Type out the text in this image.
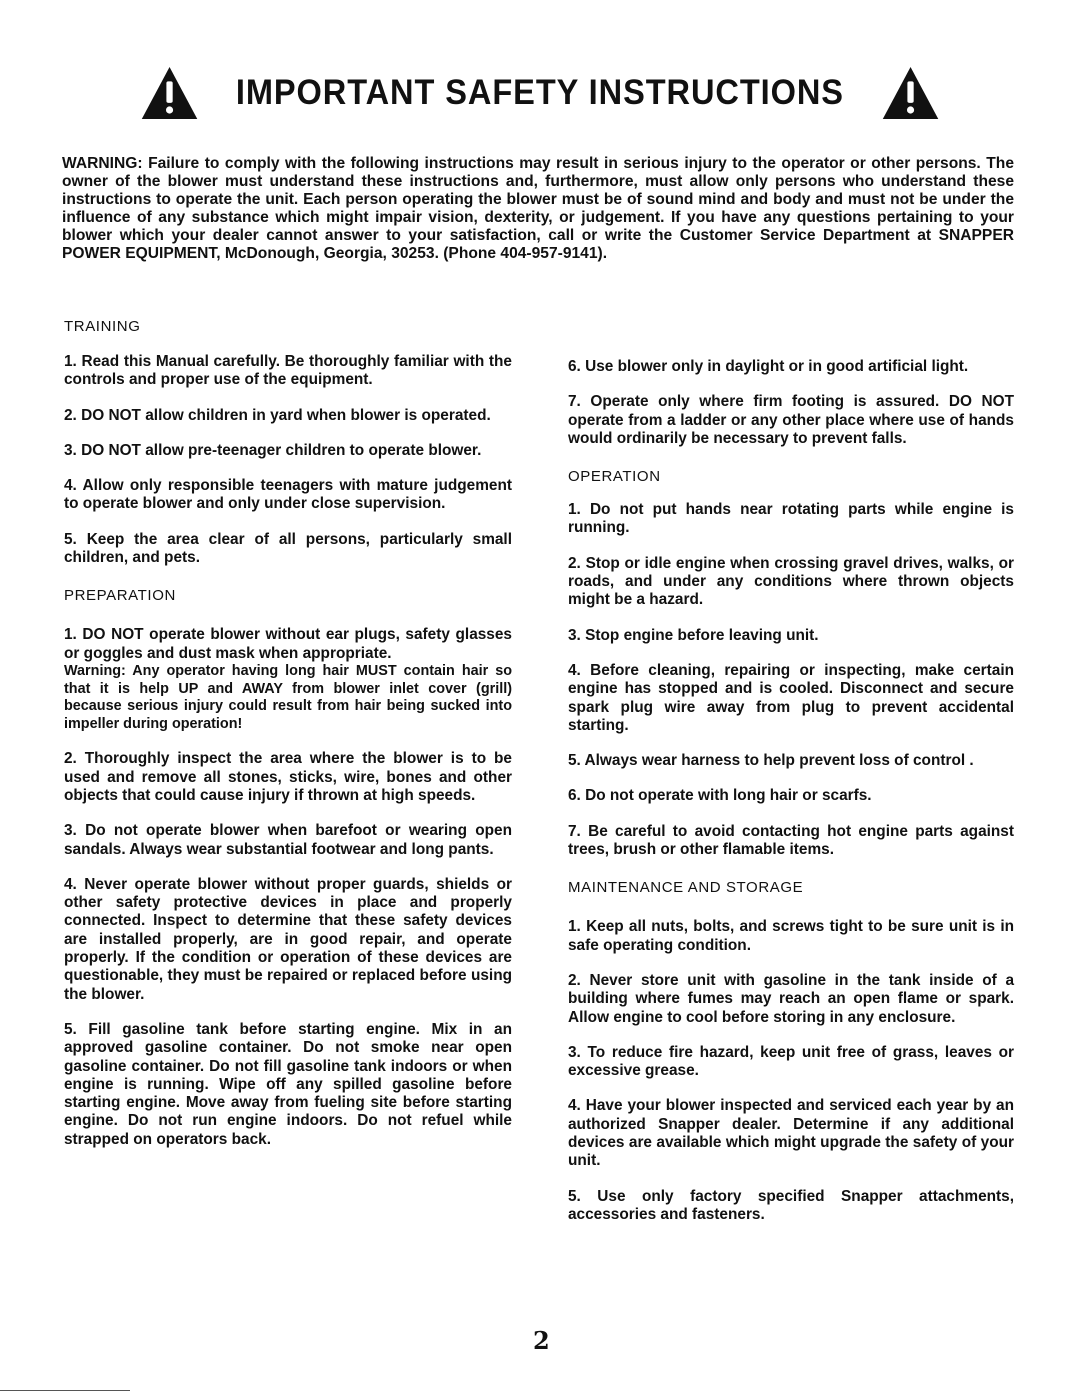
IMPORTANT SAFETY INSTRUCTIONS

WARNING: Failure to comply with the following instructions may result in serious injury to the operator or other persons. The owner of the blower must understand these instructions and, furthermore, must allow only persons who understand these instructions to operate the unit. Each person operating the blower must be of sound mind and body and must not be under the influence of any substance which might impair vision, dexterity, or judgement. If you have any questions pertaining to your blower which your dealer cannot answer to your satisfaction, call or write the Customer Service Department at SNAPPER POWER EQUIPMENT, McDonough, Georgia, 30253. (Phone 404-957-9141).

TRAINING

1. Read this Manual carefully. Be thoroughly familiar with the controls and proper use of the equipment.

2. DO NOT allow children in yard when blower is operated.

3. DO NOT allow pre-teenager children to operate blower.

4. Allow only responsible teenagers with mature judgement to operate blower and only under close supervision.

5. Keep the area clear of all persons, particularly small children, and pets.

PREPARATION
1. DO NOT operate blower without ear plugs, safety glasses or goggles and dust mask when appropriate.
Warning: Any operator having long hair MUST contain hair so that it is help UP and AWAY from blower inlet cover (grill) because serious injury could result from hair being sucked into impeller during operation!

2. Thoroughly inspect the area where the blower is to be used and remove all stones, sticks, wire, bones and other objects that could cause injury if thrown at high speeds.

3. Do not operate blower when barefoot or wearing open sandals. Always wear substantial footwear and long pants.

4. Never operate blower without proper guards, shields or other safety protective devices in place and properly connected. Inspect to determine that these safety devices are installed properly, are in good repair, and operate properly. If the condition or operation of these devices are questionable, they must be repaired or replaced before using the blower.

5. Fill gasoline tank before starting engine. Mix in an approved gasoline container. Do not smoke near open gasoline container. Do not fill gasoline tank indoors or when engine is running. Wipe off any spilled gasoline before starting engine. Move away from fueling site before starting engine. Do not run engine indoors. Do not refuel while strapped on operators back.

6. Use blower only in daylight or in good artificial light.

7. Operate only where firm footing is assured. DO NOT operate from a ladder or any other place where use of hands would ordinarily be necessary to prevent falls.

OPERATION

1. Do not put hands near rotating parts while engine is running.

2. Stop or idle engine when crossing gravel drives, walks, or roads, and under any conditions where thrown objects might be a hazard.

3. Stop engine before leaving unit.

4. Before cleaning, repairing or inspecting, make certain engine has stopped and is cooled. Disconnect and secure spark plug wire away from plug to prevent accidental starting.

5. Always wear harness to help prevent loss of control .

6. Do not operate with long hair or scarfs.

7. Be careful to avoid contacting hot engine parts against trees, brush or other flamable items.

MAINTENANCE AND STORAGE

1. Keep all nuts, bolts, and screws tight to be sure unit is in safe operating condition.

2. Never store unit with gasoline in the tank inside of a building where fumes may reach an open flame or spark. Allow engine to cool before storing in any enclosure.

3. To reduce fire hazard, keep unit free of grass, leaves or excessive grease.

4. Have your blower inspected and serviced each year by an authorized Snapper dealer. Determine if any additional devices are available which might upgrade the safety of your unit.

5. Use only factory specified Snapper attachments, accessories and fasteners.

2
